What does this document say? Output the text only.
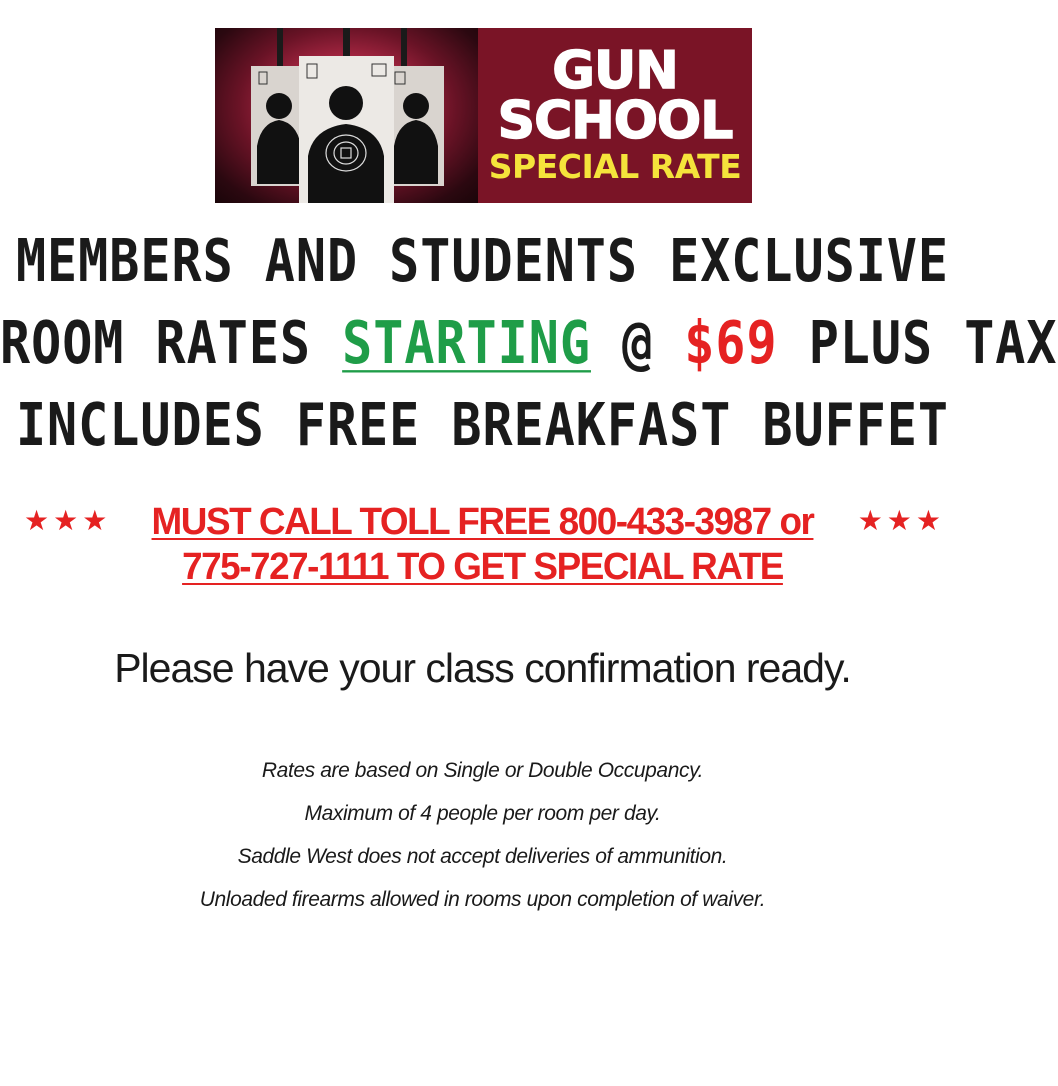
GUN
SCHOOL
SPECIAL RATE
MEMBERS AND STUDENTS EXCLUSIVE
ROOM RATES STARTING @ $69 PLUS TAX
INCLUDES FREE BREAKFAST BUFFET
★★★	MUST CALL TOLL FREE 800-433-3987 or
775-727-1111 TO GET SPECIAL RATE
★★★
Please have your class confirmation ready.
Rates are based on Single or Double Occupancy.
Maximum of 4 people per room per day.
Saddle West does not accept deliveries of ammunition.
Unloaded firearms allowed in rooms upon completion of waiver.
